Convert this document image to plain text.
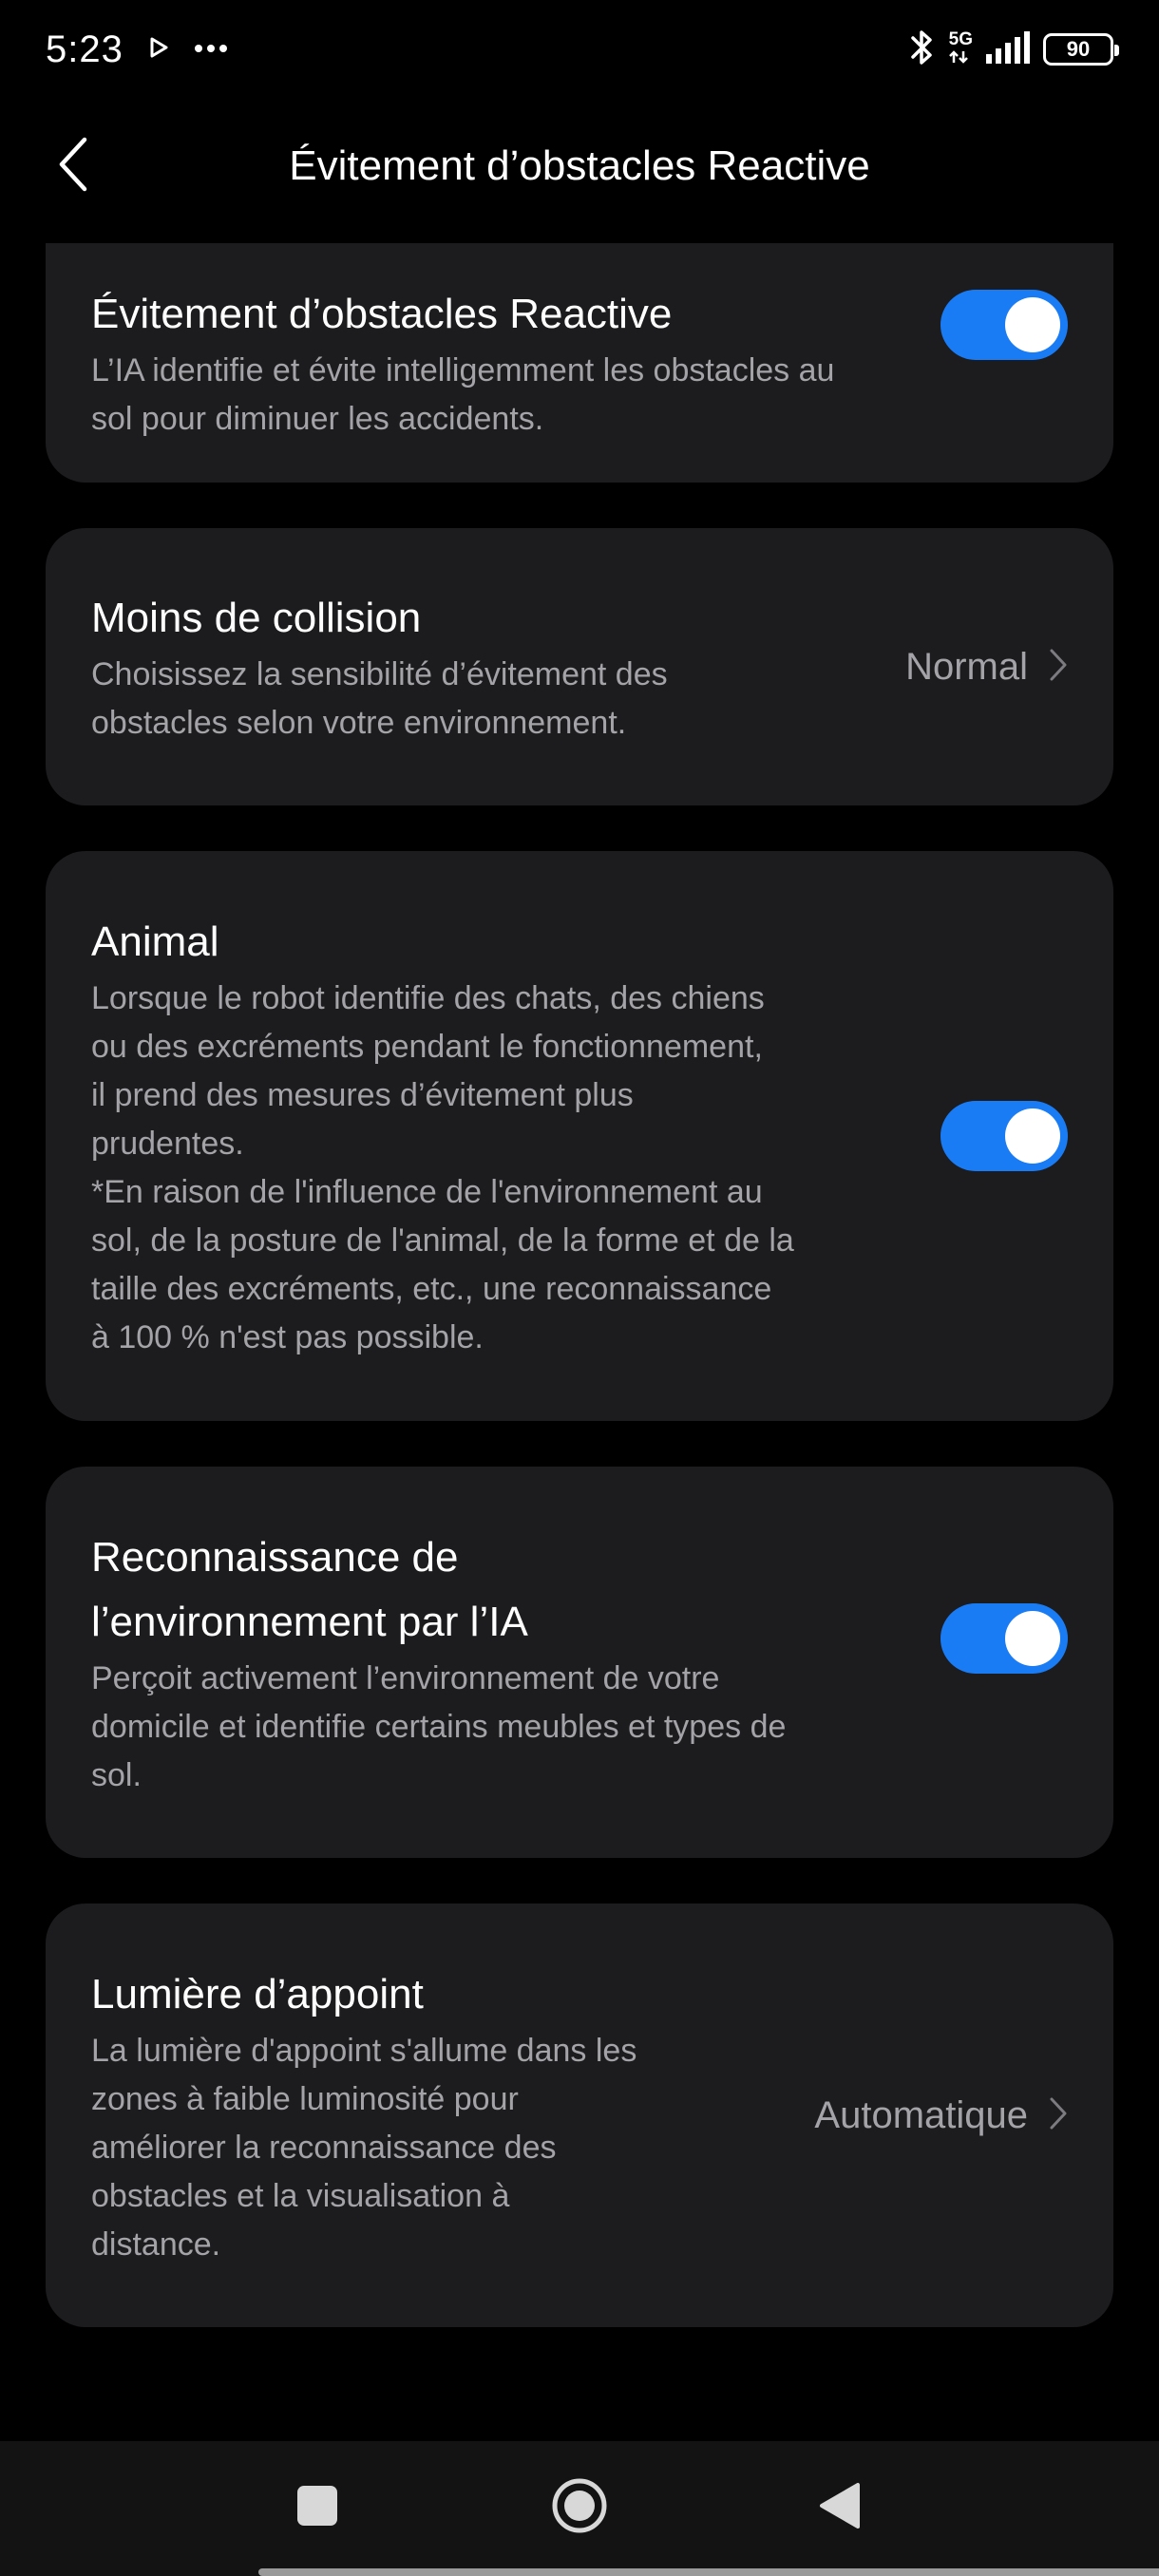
5:23	5G	90
Évitement d’obstacles Reactive
Évitement d’obstacles Reactive
L’IA identifie et évite intelligemment les obstacles au sol pour diminuer les accidents.
Moins de collision
Choisissez la sensibilité d’évitement des obstacles selon votre environnement.
Normal
Animal
Lorsque le robot identifie des chats, des chiens ou des excréments pendant le fonctionnement, il prend des mesures d’évitement plus prudentes.
*En raison de l'influence de l'environnement au sol, de la posture de l'animal, de la forme et de la taille des excréments, etc., une reconnaissance à 100 % n'est pas possible.
Reconnaissance de l’environnement par l’IA
Perçoit activement l’environnement de votre domicile et identifie certains meubles et types de sol.
Lumière d’appoint
La lumière d'appoint s'allume dans les zones à faible luminosité pour améliorer la reconnaissance des obstacles et la visualisation à distance.
Automatique
